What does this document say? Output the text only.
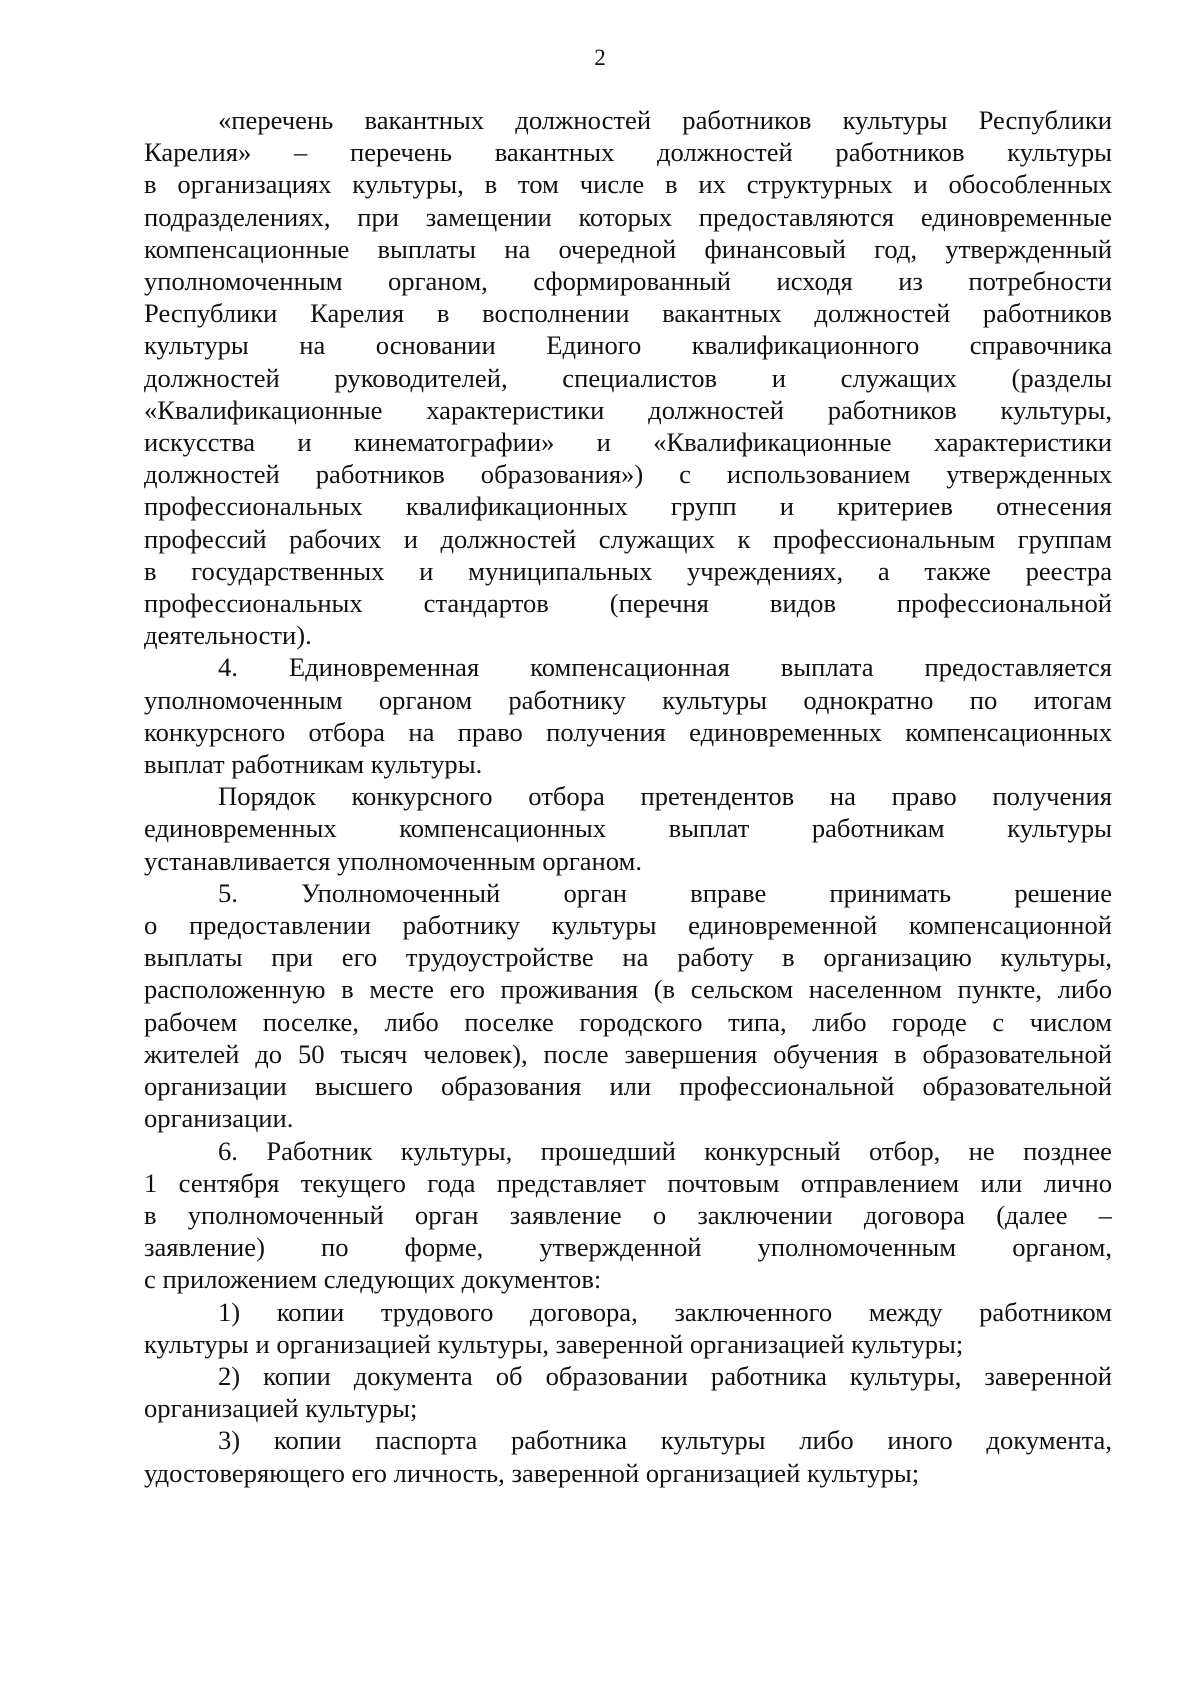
2

«перечень вакантных должностей работников культуры Республики
Карелия» – перечень вакантных должностей работников культуры
в организациях культуры, в том числе в их структурных и обособленных
подразделениях, при замещении которых предоставляются единовременные
компенсационные выплаты на очередной финансовый год, утвержденный
уполномоченным органом, сформированный исходя из потребности
Республики Карелия в восполнении вакантных должностей работников
культуры на основании Единого квалификационного справочника
должностей руководителей, специалистов и служащих (разделы
«Квалификационные характеристики должностей работников культуры,
искусства и кинематографии» и «Квалификационные характеристики
должностей работников образования») с использованием утвержденных
профессиональных квалификационных групп и критериев отнесения
профессий рабочих и должностей служащих к профессиональным группам
в государственных и муниципальных учреждениях, а также реестра
профессиональных стандартов (перечня видов профессиональной
деятельности).

4. Единовременная компенсационная выплата предоставляется
уполномоченным органом работнику культуры однократно по итогам
конкурсного отбора на право получения единовременных компенсационных
выплат работникам культуры.

Порядок конкурсного отбора претендентов на право получения
единовременных компенсационных выплат работникам культуры
устанавливается уполномоченным органом.

5. Уполномоченный орган вправе принимать решение
о предоставлении работнику культуры единовременной компенсационной
выплаты при его трудоустройстве на работу в организацию культуры,
расположенную в месте его проживания (в сельском населенном пункте, либо
рабочем поселке, либо поселке городского типа, либо городе с числом
жителей до 50 тысяч человек), после завершения обучения в образовательной
организации высшего образования или профессиональной образовательной
организации.

6. Работник культуры, прошедший конкурсный отбор, не позднее
1 сентября текущего года представляет почтовым отправлением или лично
в уполномоченный орган заявление о заключении договора (далее –
заявление) по форме, утвержденной уполномоченным органом,
с приложением следующих документов:

1) копии трудового договора, заключенного между работником
культуры и организацией культуры, заверенной организацией культуры;

2) копии документа об образовании работника культуры, заверенной
организацией культуры;

3) копии паспорта работника культуры либо иного документа,
удостоверяющего его личность, заверенной организацией культуры;
